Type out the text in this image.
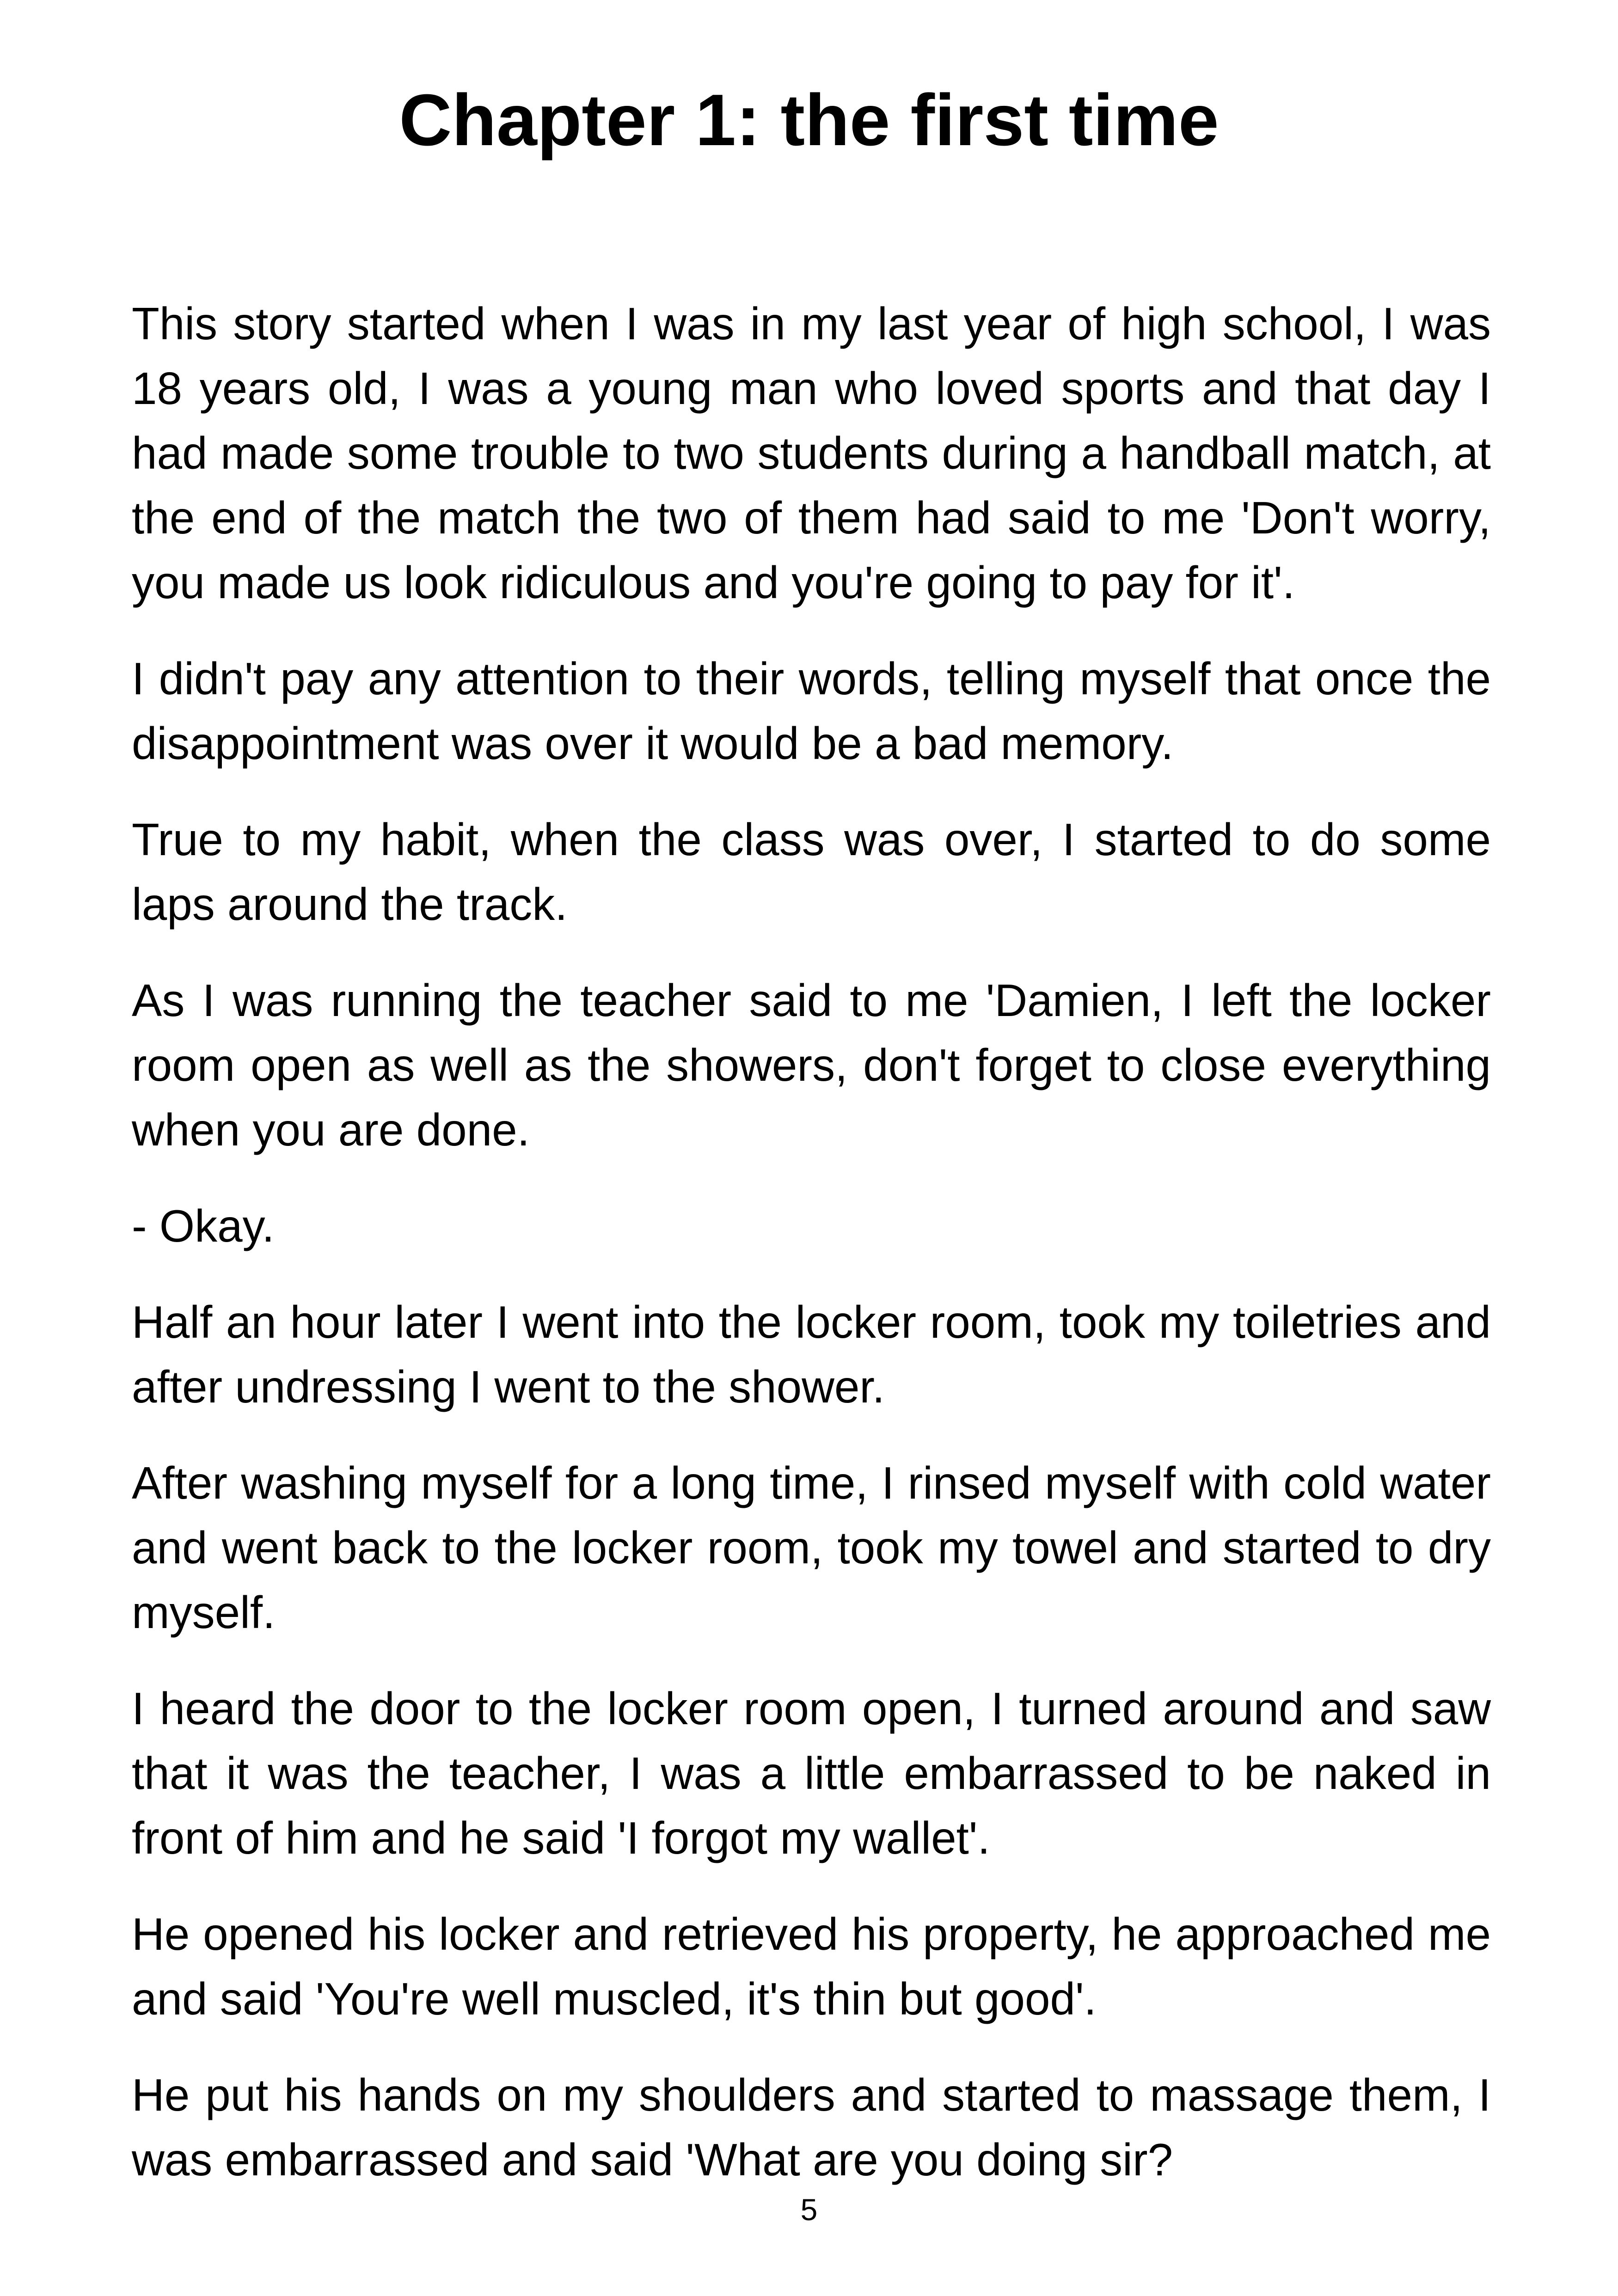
Chapter 1: the first time

This story started when I was in my last year of high school, I was 18 years old, I was a young man who loved sports and that day I had made some trouble to two students during a handball match, at the end of the match the two of them had said to me 'Don't worry, you made us look ridiculous and you're going to pay for it'.

I didn't pay any attention to their words, telling myself that once the disappointment was over it would be a bad memory.

True to my habit, when the class was over, I started to do some laps around the track.

As I was running the teacher said to me 'Damien, I left the locker room open as well as the showers, don't forget to close everything when you are done.

- Okay.

Half an hour later I went into the locker room, took my toiletries and after undressing I went to the shower.

After washing myself for a long time, I rinsed myself with cold water and went back to the locker room, took my towel and started to dry myself.

I heard the door to the locker room open, I turned around and saw that it was the teacher, I was a little embarrassed to be naked in front of him and he said 'I forgot my wallet'.

He opened his locker and retrieved his property, he approached me and said 'You're well muscled, it's thin but good'.

He put his hands on my shoulders and started to massage them, I was embarrassed and said 'What are you doing sir?

5
